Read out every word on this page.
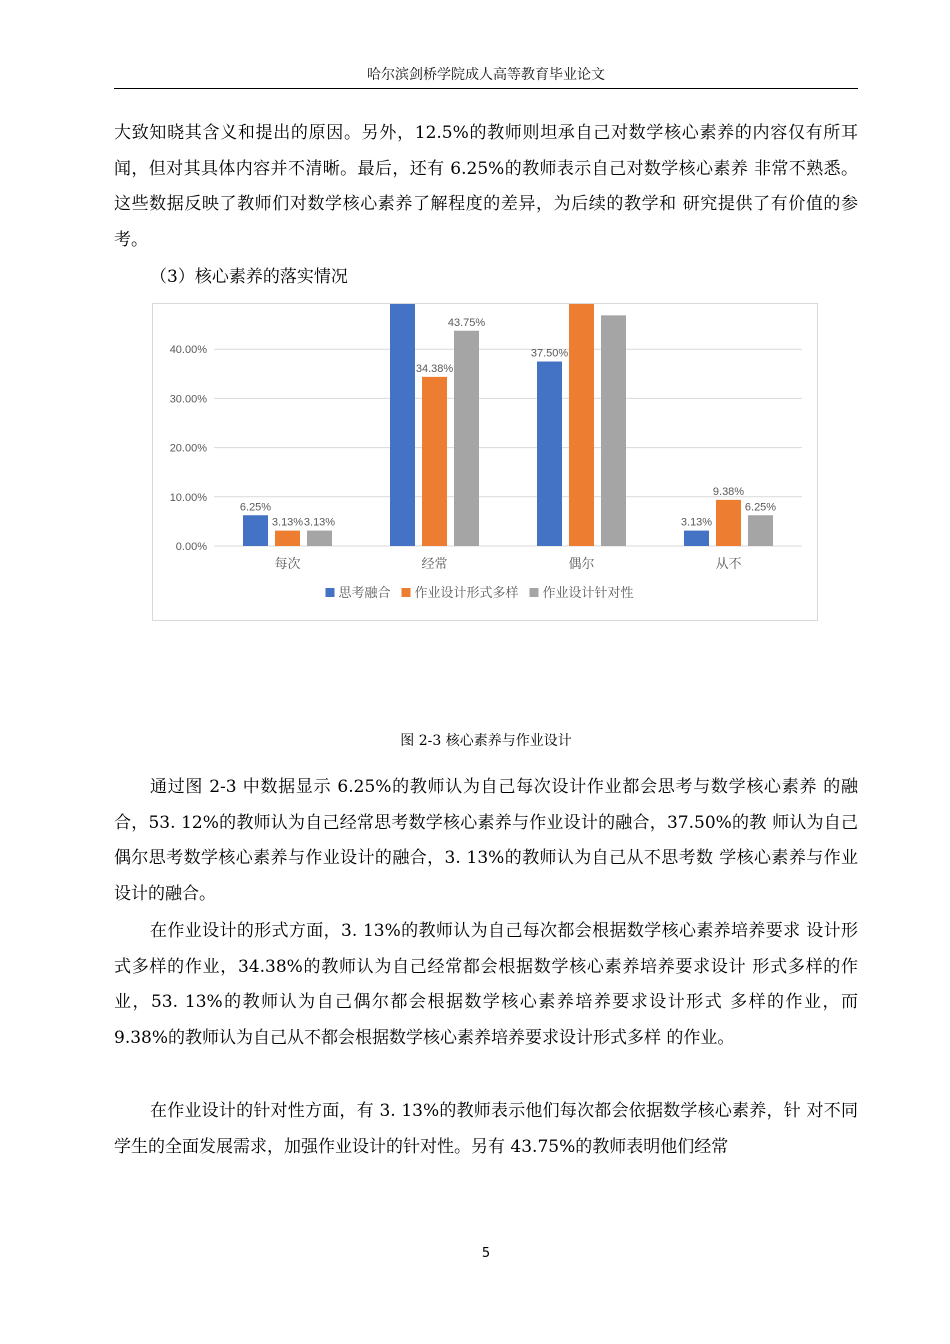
哈尔滨剑桥学院成人高等教育毕业论文

大致知晓其含义和提出的原因。另外，12.5%的教师则坦承自己对数学核心素养的内容仅有所耳闻，但对其具体内容并不清晰。最后，还有 6.25%的教师表示自己对数学核心素养 非常不熟悉。这些数据反映了教师们对数学核心素养了解程度的差异，为后续的教学和 研究提供了有价值的参考。

（3）核心素养的落实情况
0.00%
10.00%
20.00%
30.00%
40.00%
6.25%
3.13% 3.13%
34.38%
43.75%
37.50%
3.13%
9.38%
6.25%
每次	经常	偶尔	从不
思考融合 作业设计形式多样 作业设计针对性
图 2-3 核心素养与作业设计

通过图 2-3 中数据显示 6.25%的教师认为自己每次设计作业都会思考与数学核心素养 的融合，53. 12%的教师认为自己经常思考数学核心素养与作业设计的融合，37.50%的教 师认为自己偶尔思考数学核心素养与作业设计的融合，3. 13%的教师认为自己从不思考数 学核心素养与作业设计的融合。

在作业设计的形式方面，3. 13%的教师认为自己每次都会根据数学核心素养培养要求 设计形式多样的作业，34.38%的教师认为自己经常都会根据数学核心素养培养要求设计 形式多样的作业，53. 13%的教师认为自己偶尔都会根据数学核心素养培养要求设计形式 多样的作业，而 9.38%的教师认为自己从不都会根据数学核心素养培养要求设计形式多样 的作业。

在作业设计的针对性方面，有 3. 13%的教师表示他们每次都会依据数学核心素养，针 对不同学生的全面发展需求，加强作业设计的针对性。另有 43.75%的教师表明他们经常

5
